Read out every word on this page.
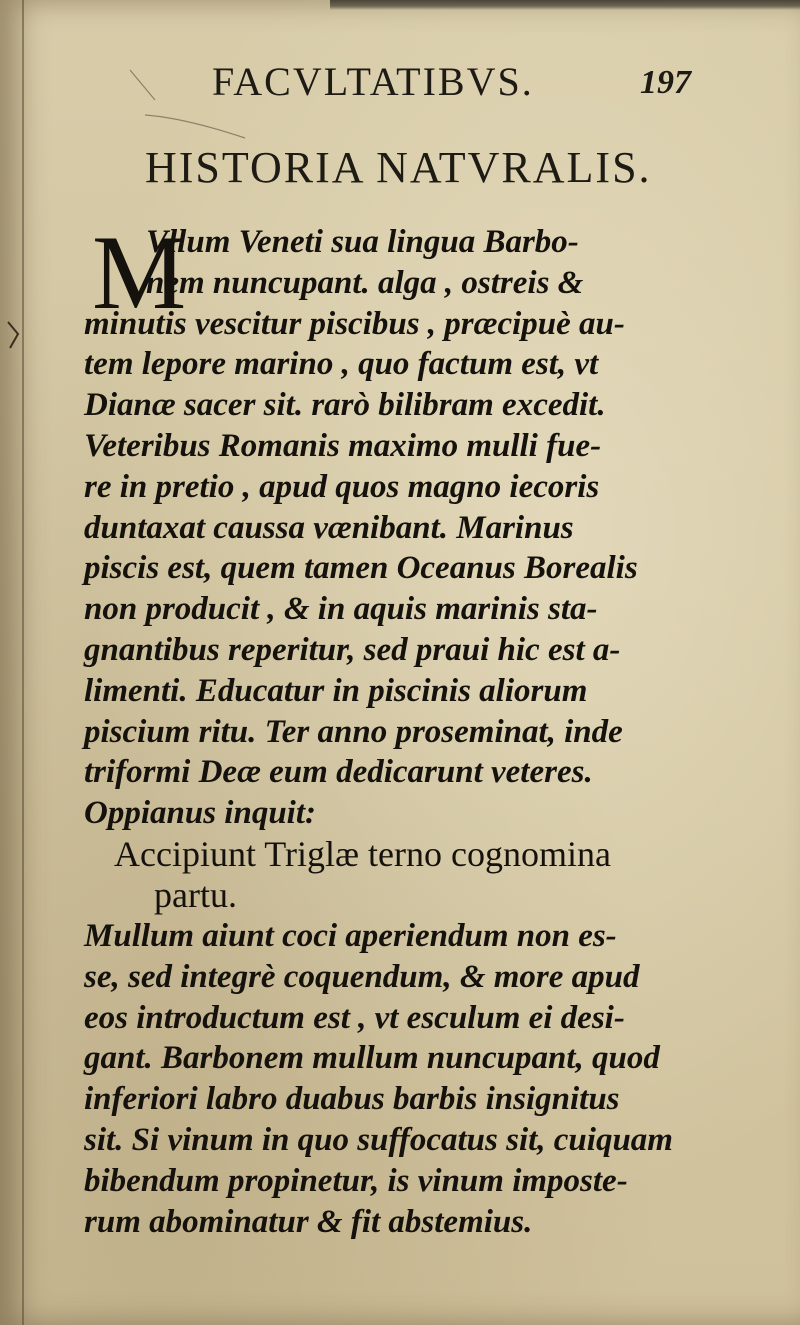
FACVLTATIBVS.	197
HISTORIA NATVRALIS.
M
Vllum Veneti sua lingua Barbo-
nem nuncupant. alga , ostreis &
minutis vescitur piscibus , præcipuè au-
tem lepore marino , quo factum est, vt
Dianæ sacer sit. rarò bilibram excedit.
Veteribus Romanis maximo mulli fue-
re in pretio , apud quos magno iecoris
duntaxat caussa vænibant. Marinus
piscis est, quem tamen Oceanus Borealis
non producit , & in aquis marinis sta-
gnantibus reperitur, sed praui hic est a-
limenti. Educatur in piscinis aliorum
piscium ritu. Ter anno proseminat, inde
triformi Deæ eum dedicarunt veteres.
Oppianus inquit:
Accipiunt Triglæ terno cognomina
partu.
Mullum aiunt coci aperiendum non es-
se, sed integrè coquendum, & more apud
eos introductum est , vt esculum ei desi-
gant. Barbonem mullum nuncupant, quod
inferiori labro duabus barbis insignitus
sit. Si vinum in quo suffocatus sit, cuiquam
bibendum propinetur, is vinum imposte-
rum abominatur & fit abstemius.
